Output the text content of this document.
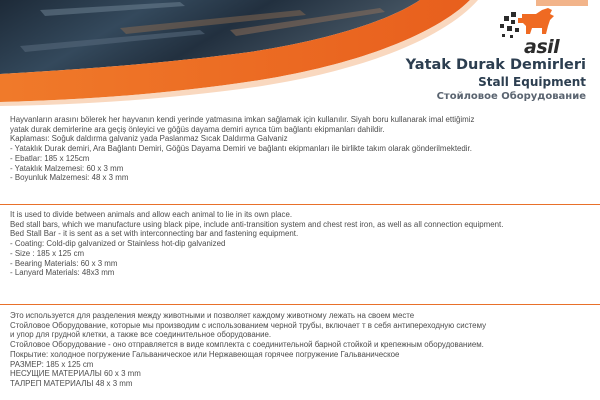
asil
Yatak Durak Demirleri
Stall Equipment
Стойловое Оборудование
Hayvanların arasını bölerek her hayvanın kendi yerinde yatmasına imkan sağlamak için kullanılır. Siyah boru kullanarak imal ettiğimiz
yatak durak demirlerine ara geçiş önleyici ve göğüs dayama demiri ayrıca tüm bağlantı ekipmanları dahildir.
Kaplaması: Soğuk daldırma galvaniz yada Paslanmaz Sıcak Daldırma Galvaniz
- Yataklık Durak demiri, Ara Bağlantı Demiri, Göğüs Dayama Demiri ve bağlantı ekipmanları ile birlikte takım olarak gönderilmektedir.
- Ebatlar: 185 x 125cm
- Yataklık Malzemesi: 60 x 3 mm
- Boyunluk Malzemesi: 48 x 3 mm
It is used to divide between animals and allow each animal to lie in its own place.
Bed stall bars, which we manufacture using black pipe, include anti-transition system and chest rest iron, as well as all connection equipment.
Bed Stall Bar - it is sent as a set with interconnecting bar and fastening equipment.
- Coating: Cold-dip galvanized or Stainless hot-dip galvanized
- Size : 185 x 125 cm
- Bearing Materials: 60 x 3 mm
- Lanyard Materials: 48x3 mm
Это используется для разделения между животными и позволяет каждому животному лежать на своем месте
Стойловое Оборудование, которые мы производим с использованием черной трубы, включает т в себя антипереходную систему
и упор для грудной клетки, а также все соединительное оборудование.
Стойловое Оборудование - оно отправляется в виде комплекта с соединительной барной стойкой и крепежным оборудованием.
Покрытие: холодное погружение Гальваническое или Нержавеющая горячее погружение Гальваническое
РАЗМЕР: 185 x 125 cm
НЕСУЩИЕ МАТЕРИАЛЫ 60 x 3 mm
ТАЛРЕП МАТЕРИАЛЫ 48 x 3 mm
